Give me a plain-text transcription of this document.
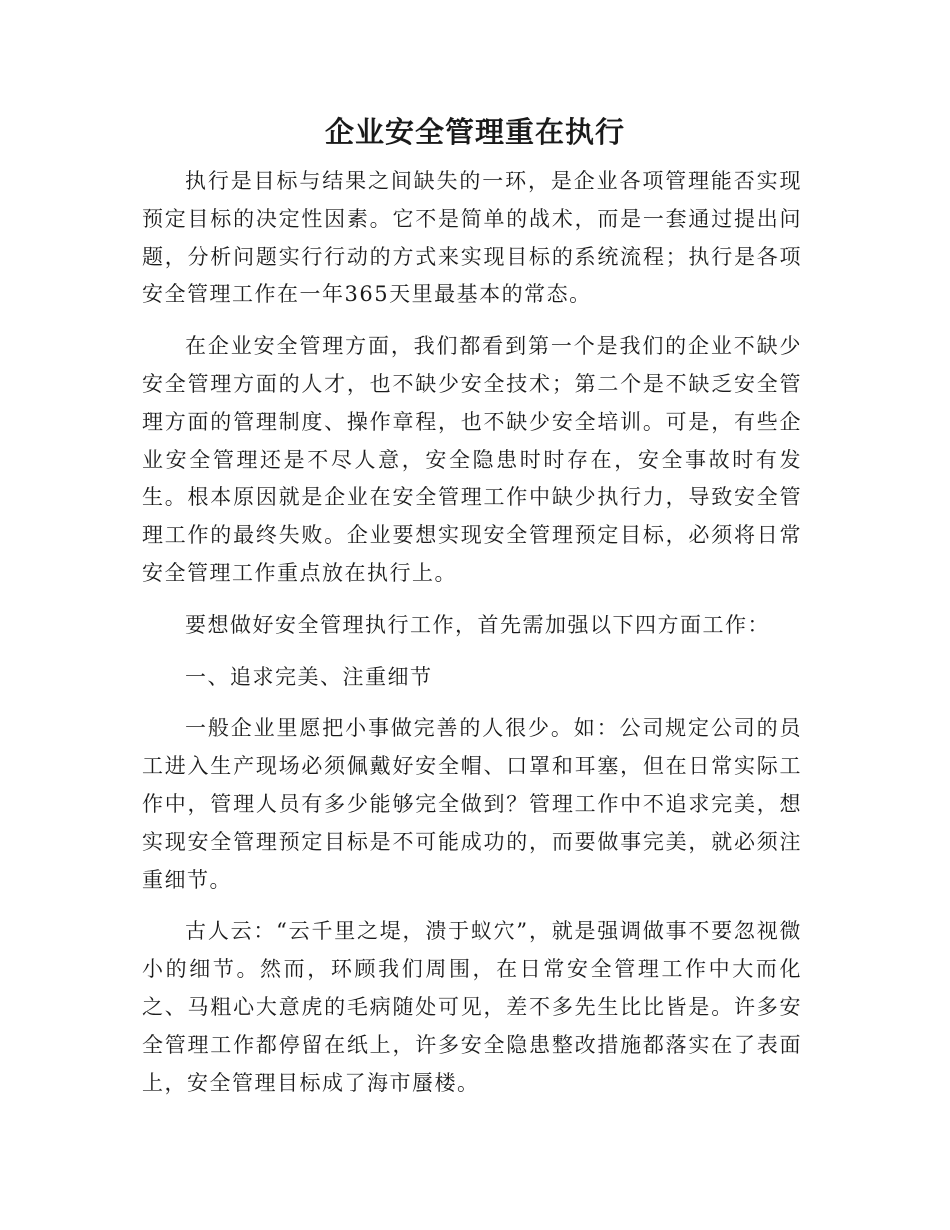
企业安全管理重在执行

执行是目标与结果之间缺失的一环，是企业各项管理能否实现预定目标的决定性因素。它不是简单的战术，而是一套通过提出问题，分析问题实行行动的方式来实现目标的系统流程；执行是各项安全管理工作在一年365天里最基本的常态。

在企业安全管理方面，我们都看到第一个是我们的企业不缺少安全管理方面的人才，也不缺少安全技术；第二个是不缺乏安全管理方面的管理制度、操作章程，也不缺少安全培训。可是，有些企业安全管理还是不尽人意，安全隐患时时存在，安全事故时有发生。根本原因就是企业在安全管理工作中缺少执行力，导致安全管理工作的最终失败。企业要想实现安全管理预定目标，必须将日常安全管理工作重点放在执行上。

要想做好安全管理执行工作，首先需加强以下四方面工作：

一、追求完美、注重细节

一般企业里愿把小事做完善的人很少。如：公司规定公司的员工进入生产现场必须佩戴好安全帽、口罩和耳塞，但在日常实际工作中，管理人员有多少能够完全做到？管理工作中不追求完美，想实现安全管理预定目标是不可能成功的，而要做事完美，就必须注重细节。

古人云：“云千里之堤，溃于蚁穴”，就是强调做事不要忽视微小的细节。然而，环顾我们周围，在日常安全管理工作中大而化之、马粗心大意虎的毛病随处可见，差不多先生比比皆是。许多安全管理工作都停留在纸上，许多安全隐患整改措施都落实在了表面上，安全管理目标成了海市蜃楼。
